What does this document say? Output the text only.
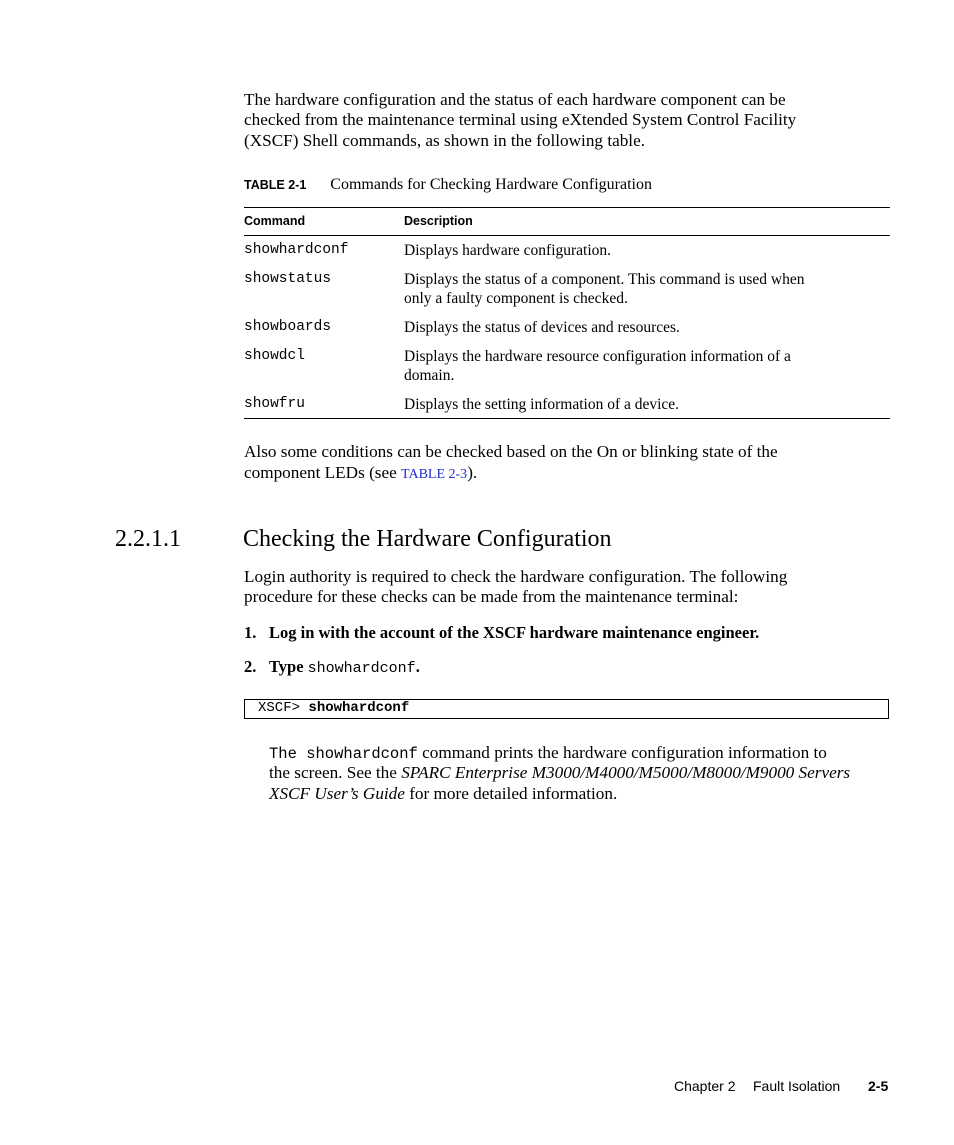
The hardware configuration and the status of each hardware component can be

checked from the maintenance terminal using eXtended System Control Facility

(XSCF) Shell commands, as shown in the following table.

TABLE 2-1 Commands for Checking Hardware Configuration
Command	Description
showhardconf	Displays hardware configuration.
showstatus	Displays the status of a component. This command is used when
only a faulty component is checked.
showboards	Displays the status of devices and resources.
showdcl	Displays the hardware resource configuration information of a
domain.
showfru	Displays the setting information of a device.

Also some conditions can be checked based on the On or blinking state of the

component LEDs (see TABLE 2-3).

2.2.1.1	Checking the Hardware Configuration

Login authority is required to check the hardware configuration. The following

procedure for these checks can be made from the maintenance terminal:

1. Log in with the account of the XSCF hardware maintenance engineer.
2. Type showhardconf.
XSCF> showhardconf

The showhardconf command prints the hardware configuration information to

the screen. See the SPARC Enterprise M3000/M4000/M5000/M8000/M9000 Servers

XSCF User’s Guide for more detailed information.

Chapter 2 Fault Isolation 2-5
